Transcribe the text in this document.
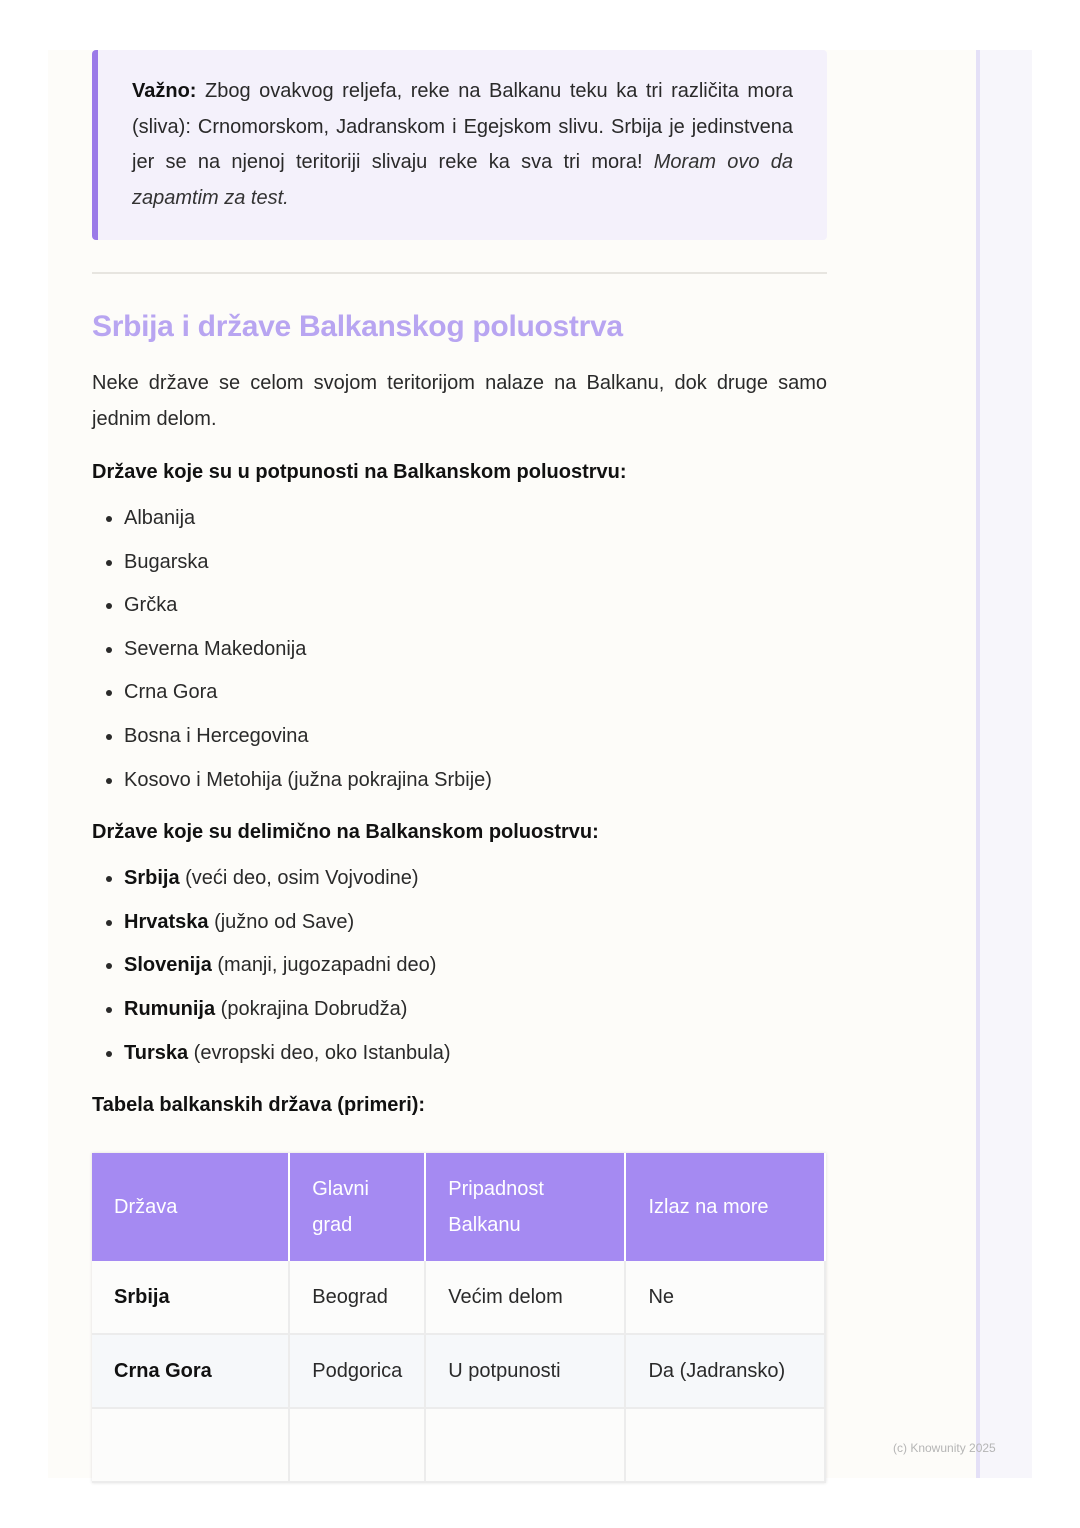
Važno: Zbog ovakvog reljefa, reke na Balkanu teku ka tri različita mora (sliva): Crnomorskom, Jadranskom i Egejskom slivu. Srbija je jedinstvena jer se na njenoj teritoriji slivaju reke ka sva tri mora! Moram ovo da zapamtim za test.
Srbija i države Balkanskog poluostrva

Neke države se celom svojom teritorijom nalaze na Balkanu, dok druge samo jednim delom.

Države koje su u potpunosti na Balkanskom poluostrvu:
• Albanija
• Bugarska
• Grčka
• Severna Makedonija
• Crna Gora
• Bosna i Hercegovina
• Kosovo i Metohija (južna pokrajina Srbije)
Države koje su delimično na Balkanskom poluostrvu:
• Srbija (veći deo, osim Vojvodine)
• Hrvatska (južno od Save)
• Slovenija (manji, jugozapadni deo)
• Rumunija (pokrajina Dobrudža)
• Turska (evropski deo, oko Istanbula)
Tabela balkanskih država (primeri):
Država	Glavni grad	Pripadnost Balkanu	Izlaz na more
Srbija	Beograd	Većim delom	Ne
Crna Gora	Podgorica	U potpunosti	Da (Jadransko)

(c) Knowunity 2025
